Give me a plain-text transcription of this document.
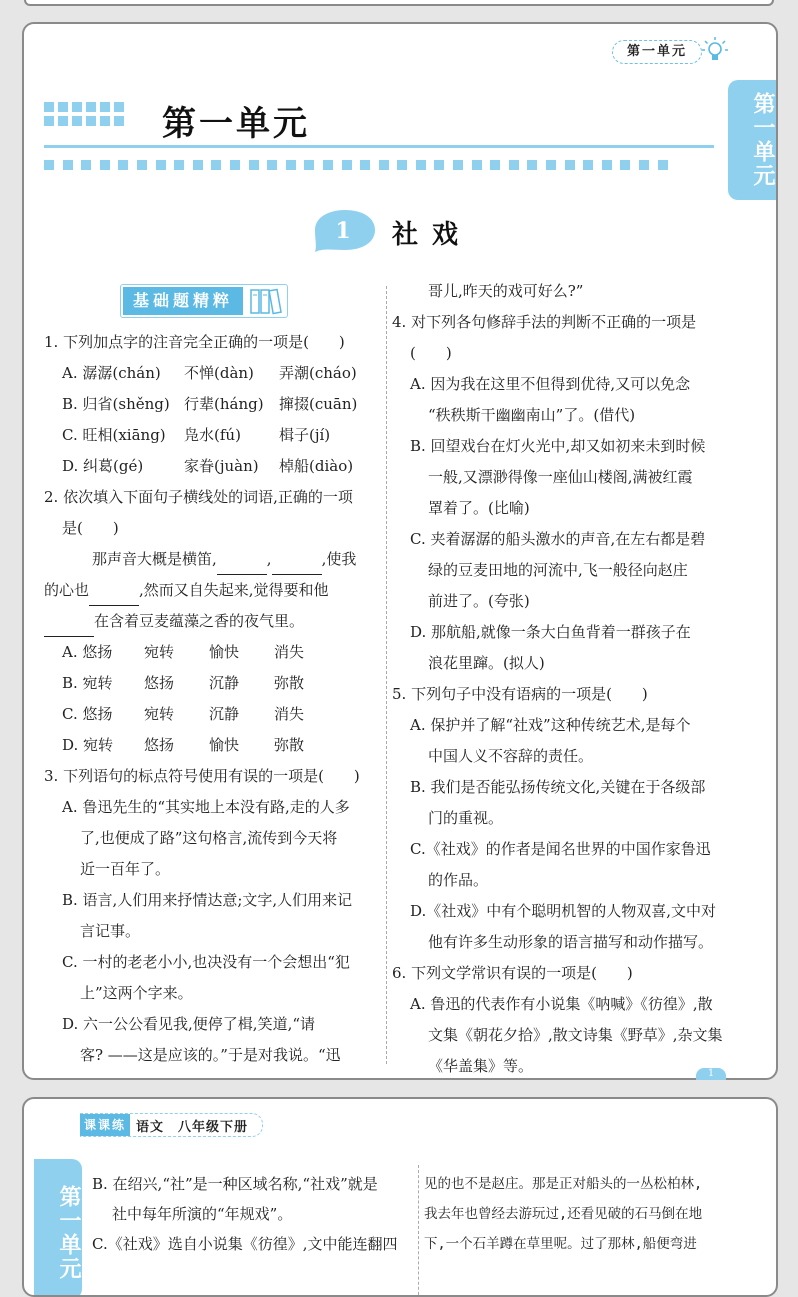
第一单元
第一单元
1 社戏
基础题精粹
1. 下列加点字的注音完全正确的一项是(　　)
A. 潺潺(chán)	不惮(dàn)	弄潮(cháo)
B. 归省(shěng) 行辈(háng)	撺掇(cuān)
C. 旺相(xiāng)	凫水(fú)	楫子(jí)
D. 纠葛(gé)	家眷(juàn)	棹船(diào)
2. 依次填入下面句子横线处的词语,正确的一项
是(　　)
那声音大概是横笛,	,	,使我
的心也	,然而又自失起来,觉得要和他
在含着豆麦蕴藻之香的夜气里。
A. 悠扬	宛转	愉快	消失
B. 宛转	悠扬	沉静	弥散
C. 悠扬	宛转	沉静	消失
D. 宛转	悠扬	愉快	弥散
3. 下列语句的标点符号使用有误的一项是(　　)
A. 鲁迅先生的“其实地上本没有路,走的人多
了,也便成了路”这句格言,流传到今天将
近一百年了。
B. 语言,人们用来抒情达意;文字,人们用来记
言记事。
C. 一村的老老小小,也决没有一个会想出“犯
上”这两个字来。
D. 六一公公看见我,便停了楫,笑道,“请
客? ——这是应该的。”于是对我说。“迅
哥儿,昨天的戏可好么?”
4. 对下列各句修辞手法的判断不正确的一项是
(　　)
A. 因为我在这里不但得到优待,又可以免念
“秩秩斯干幽幽南山”了。(借代)
B. 回望戏台在灯火光中,却又如初来未到时候
一般,又漂渺得像一座仙山楼阁,满被红霞
罩着了。(比喻)
C. 夹着潺潺的船头激水的声音,在左右都是碧
绿的豆麦田地的河流中,飞一般径向赵庄
前进了。(夸张)
D. 那航船,就像一条大白鱼背着一群孩子在
浪花里蹿。(拟人)
5. 下列句子中没有语病的一项是(　　)
A. 保护并了解“社戏”这种传统艺术,是每个
中国人义不容辞的责任。
B. 我们是否能弘扬传统文化,关键在于各级部
门的重视。
C.《社戏》的作者是闻名世界的中国作家鲁迅
的作品。
D.《社戏》中有个聪明机智的人物双喜,文中对
他有许多生动形象的语言描写和动作描写。
6. 下列文学常识有误的一项是(　　)
A. 鲁迅的代表作有小说集《呐喊》《彷徨》,散
文集《朝花夕拾》,散文诗集《野草》,杂文集
《华盖集》等。	1
第一单元
课课练 语文　八年级下册
第一单元
B. 在绍兴,“社”是一种区域名称,“社戏”就是
社中每年所演的“年规戏”。
C.《社戏》选自小说集《彷徨》,文中能连翻四
见的也不是赵庄。那是正对船头的一丛松柏林,
我去年也曾经去游玩过,还看见破的石马倒在地
下,一个石羊蹲在草里呢。过了那林,船便弯进
